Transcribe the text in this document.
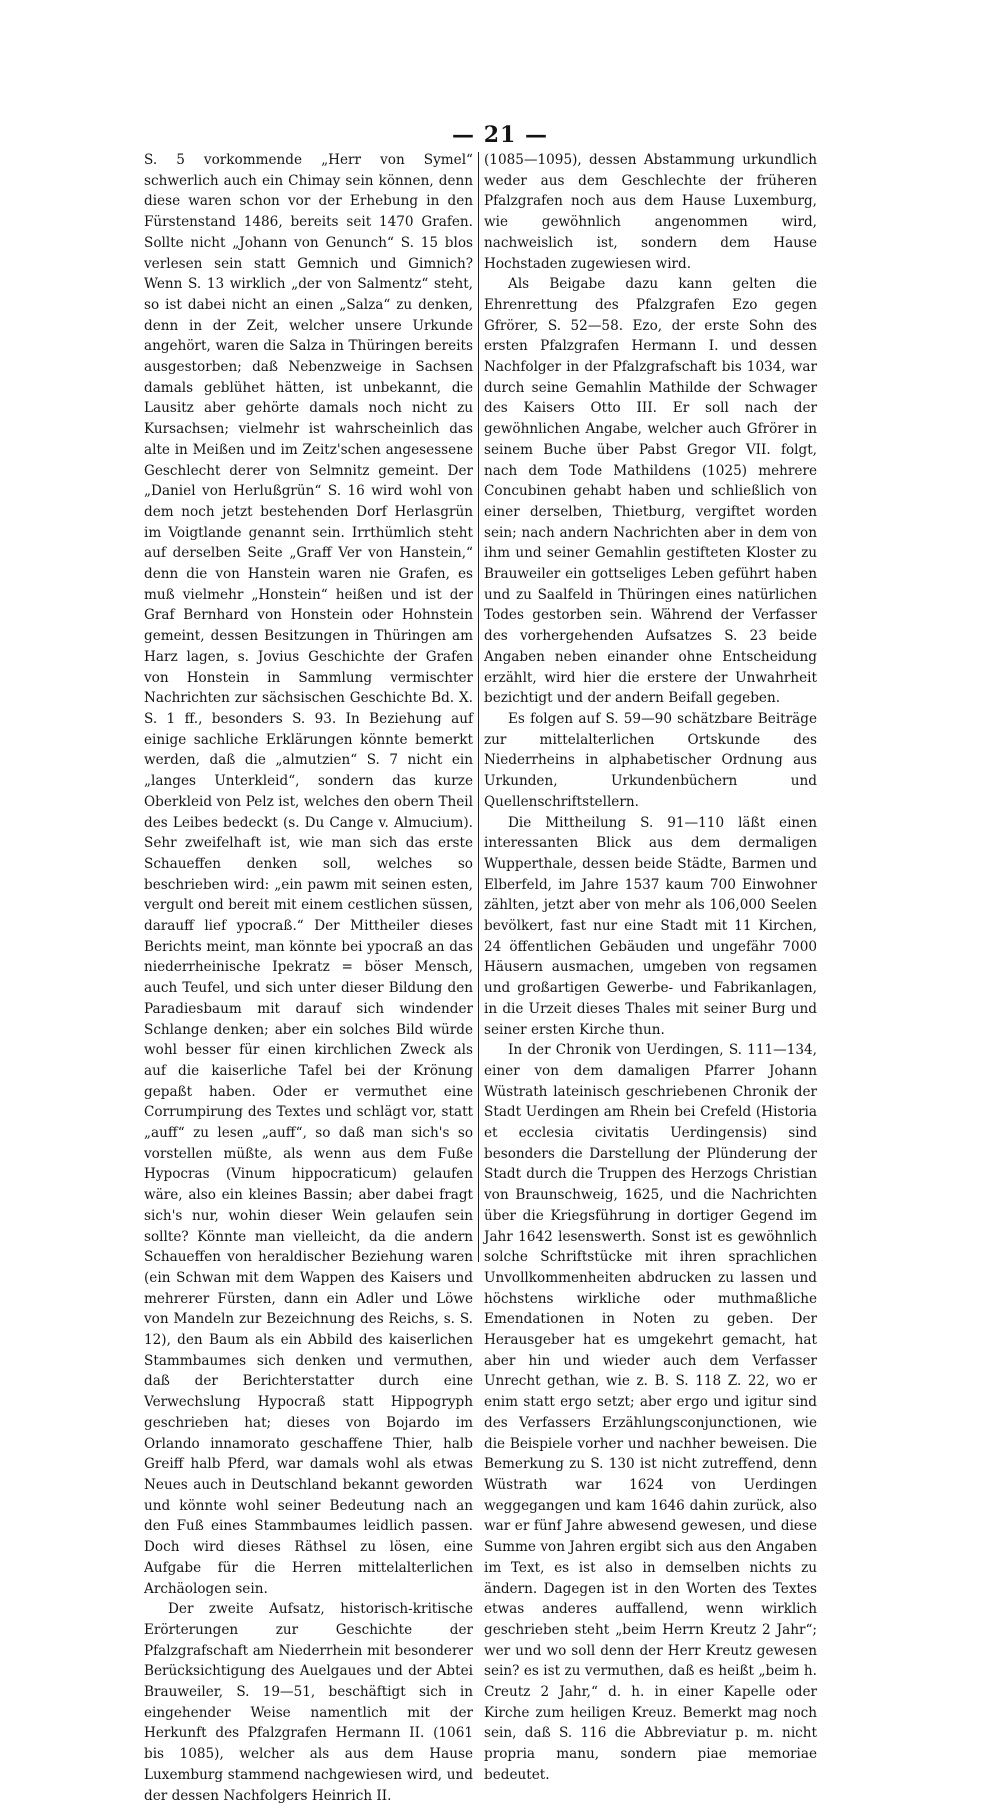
— 21 —

S. 5 vorkommende „Herr von Symel“ schwerlich auch ein Chimay sein können, denn diese waren schon vor der Erhebung in den Fürstenstand 1486, bereits seit 1470 Grafen. Sollte nicht „Johann von Genunch“ S. 15 blos verlesen sein statt Gemnich und Gimnich? Wenn S. 13 wirklich „der von Salmentz“ steht, so ist dabei nicht an einen „Salza“ zu denken, denn in der Zeit, welcher unsere Urkunde angehört, waren die Salza in Thüringen bereits ausgestorben; daß Nebenzweige in Sachsen damals geblühet hätten, ist unbekannt, die Lausitz aber gehörte damals noch nicht zu Kursachsen; vielmehr ist wahrscheinlich das alte in Meißen und im Zeitz'schen angesessene Geschlecht derer von Selmnitz gemeint. Der „Daniel von Herlußgrün“ S. 16 wird wohl von dem noch jetzt bestehenden Dorf Herlasgrün im Voigtlande genannt sein. Irrthümlich steht auf derselben Seite „Graff Ver von Hanstein,“ denn die von Hanstein waren nie Grafen, es muß vielmehr „Honstein“ heißen und ist der Graf Bernhard von Honstein oder Hohnstein gemeint, dessen Besitzungen in Thüringen am Harz lagen, s. Jovius Geschichte der Grafen von Honstein in Sammlung vermischter Nachrichten zur sächsischen Geschichte Bd. X. S. 1 ff., besonders S. 93. In Beziehung auf einige sachliche Erklärungen könnte bemerkt werden, daß die „almutzien“ S. 7 nicht ein „langes Unterkleid“, sondern das kurze Oberkleid von Pelz ist, welches den obern Theil des Leibes bedeckt (s. Du Cange v. Almucium). Sehr zweifelhaft ist, wie man sich das erste Schaueffen denken soll, welches so beschrieben wird: „ein pawm mit seinen esten, vergult ond bereit mit einem cestlichen süssen, darauff lief ypocraß.“ Der Mittheiler dieses Berichts meint, man könnte bei ypocraß an das niederrheinische Ipekratz = böser Mensch, auch Teufel, und sich unter dieser Bildung den Paradiesbaum mit darauf sich windender Schlange denken; aber ein solches Bild würde wohl besser für einen kirchlichen Zweck als auf die kaiserliche Tafel bei der Krönung gepaßt haben. Oder er vermuthet eine Corrumpirung des Textes und schlägt vor, statt „auff“ zu lesen „auff“, so daß man sich's so vorstellen müßte, als wenn aus dem Fuße Hypocras (Vinum hippocraticum) gelaufen wäre, also ein kleines Bassin; aber dabei fragt sich's nur, wohin dieser Wein gelaufen sein sollte? Könnte man vielleicht, da die andern Schaueffen von heraldischer Beziehung waren (ein Schwan mit dem Wappen des Kaisers und mehrerer Fürsten, dann ein Adler und Löwe von Mandeln zur Bezeichnung des Reichs, s. S. 12), den Baum als ein Abbild des kaiserlichen Stammbaumes sich denken und vermuthen, daß der Berichterstatter durch eine Verwechslung Hypocraß statt Hippogryph geschrieben hat; dieses von Bojardo im Orlando innamorato geschaffene Thier, halb Greiff halb Pferd, war damals wohl als etwas Neues auch in Deutschland bekannt geworden und könnte wohl seiner Bedeutung nach an den Fuß eines Stammbaumes leidlich passen. Doch wird dieses Räthsel zu lösen, eine Aufgabe für die Herren mittelalterlichen Archäologen sein.

Der zweite Aufsatz, historisch-kritische Erörterungen zur Geschichte der Pfalzgrafschaft am Niederrhein mit besonderer Berücksichtigung des Auelgaues und der Abtei Brauweiler, S. 19—51, beschäftigt sich in eingehender Weise namentlich mit der Herkunft des Pfalzgrafen Hermann II. (1061 bis 1085), welcher als aus dem Hause Luxemburg stammend nachgewiesen wird, und der dessen Nachfolgers Heinrich II.

(1085—1095), dessen Abstammung urkundlich weder aus dem Geschlechte der früheren Pfalzgrafen noch aus dem Hause Luxemburg, wie gewöhnlich angenommen wird, nachweislich ist, sondern dem Hause Hochstaden zugewiesen wird.

Als Beigabe dazu kann gelten die Ehrenrettung des Pfalzgrafen Ezo gegen Gfrörer, S. 52—58. Ezo, der erste Sohn des ersten Pfalzgrafen Hermann I. und dessen Nachfolger in der Pfalzgrafschaft bis 1034, war durch seine Gemahlin Mathilde der Schwager des Kaisers Otto III. Er soll nach der gewöhnlichen Angabe, welcher auch Gfrörer in seinem Buche über Pabst Gregor VII. folgt, nach dem Tode Mathildens (1025) mehrere Concubinen gehabt haben und schließlich von einer derselben, Thietburg, vergiftet worden sein; nach andern Nachrichten aber in dem von ihm und seiner Gemahlin gestifteten Kloster zu Brauweiler ein gottseliges Leben geführt haben und zu Saalfeld in Thüringen eines natürlichen Todes gestorben sein. Während der Verfasser des vorhergehenden Aufsatzes S. 23 beide Angaben neben einander ohne Entscheidung erzählt, wird hier die erstere der Unwahrheit bezichtigt und der andern Beifall gegeben.

Es folgen auf S. 59—90 schätzbare Beiträge zur mittelalterlichen Ortskunde des Niederrheins in alphabetischer Ordnung aus Urkunden, Urkundenbüchern und Quellenschriftstellern.

Die Mittheilung S. 91—110 läßt einen interessanten Blick aus dem dermaligen Wupperthale, dessen beide Städte, Barmen und Elberfeld, im Jahre 1537 kaum 700 Einwohner zählten, jetzt aber von mehr als 106,000 Seelen bevölkert, fast nur eine Stadt mit 11 Kirchen, 24 öffentlichen Gebäuden und ungefähr 7000 Häusern ausmachen, umgeben von regsamen und großartigen Gewerbe- und Fabrikanlagen, in die Urzeit dieses Thales mit seiner Burg und seiner ersten Kirche thun.

In der Chronik von Uerdingen, S. 111—134, einer von dem damaligen Pfarrer Johann Wüstrath lateinisch geschriebenen Chronik der Stadt Uerdingen am Rhein bei Crefeld (Historia et ecclesia civitatis Uerdingensis) sind besonders die Darstellung der Plünderung der Stadt durch die Truppen des Herzogs Christian von Braunschweig, 1625, und die Nachrichten über die Kriegsführung in dortiger Gegend im Jahr 1642 lesenswerth. Sonst ist es gewöhnlich solche Schriftstücke mit ihren sprachlichen Unvollkommenheiten abdrucken zu lassen und höchstens wirkliche oder muthmaßliche Emendationen in Noten zu geben. Der Herausgeber hat es umgekehrt gemacht, hat aber hin und wieder auch dem Verfasser Unrecht gethan, wie z. B. S. 118 Z. 22, wo er enim statt ergo setzt; aber ergo und igitur sind des Verfassers Erzählungsconjunctionen, wie die Beispiele vorher und nachher beweisen. Die Bemerkung zu S. 130 ist nicht zutreffend, denn Wüstrath war 1624 von Uerdingen weggegangen und kam 1646 dahin zurück, also war er fünf Jahre abwesend gewesen, und diese Summe von Jahren ergibt sich aus den Angaben im Text, es ist also in demselben nichts zu ändern. Dagegen ist in den Worten des Textes etwas anderes auffallend, wenn wirklich geschrieben steht „beim Herrn Kreutz 2 Jahr“; wer und wo soll denn der Herr Kreutz gewesen sein? es ist zu vermuthen, daß es heißt „beim h. Creutz 2 Jahr,“ d. h. in einer Kapelle oder Kirche zum heiligen Kreuz. Bemerkt mag noch sein, daß S. 116 die Abbreviatur p. m. nicht propria manu, sondern piae memoriae bedeutet.
